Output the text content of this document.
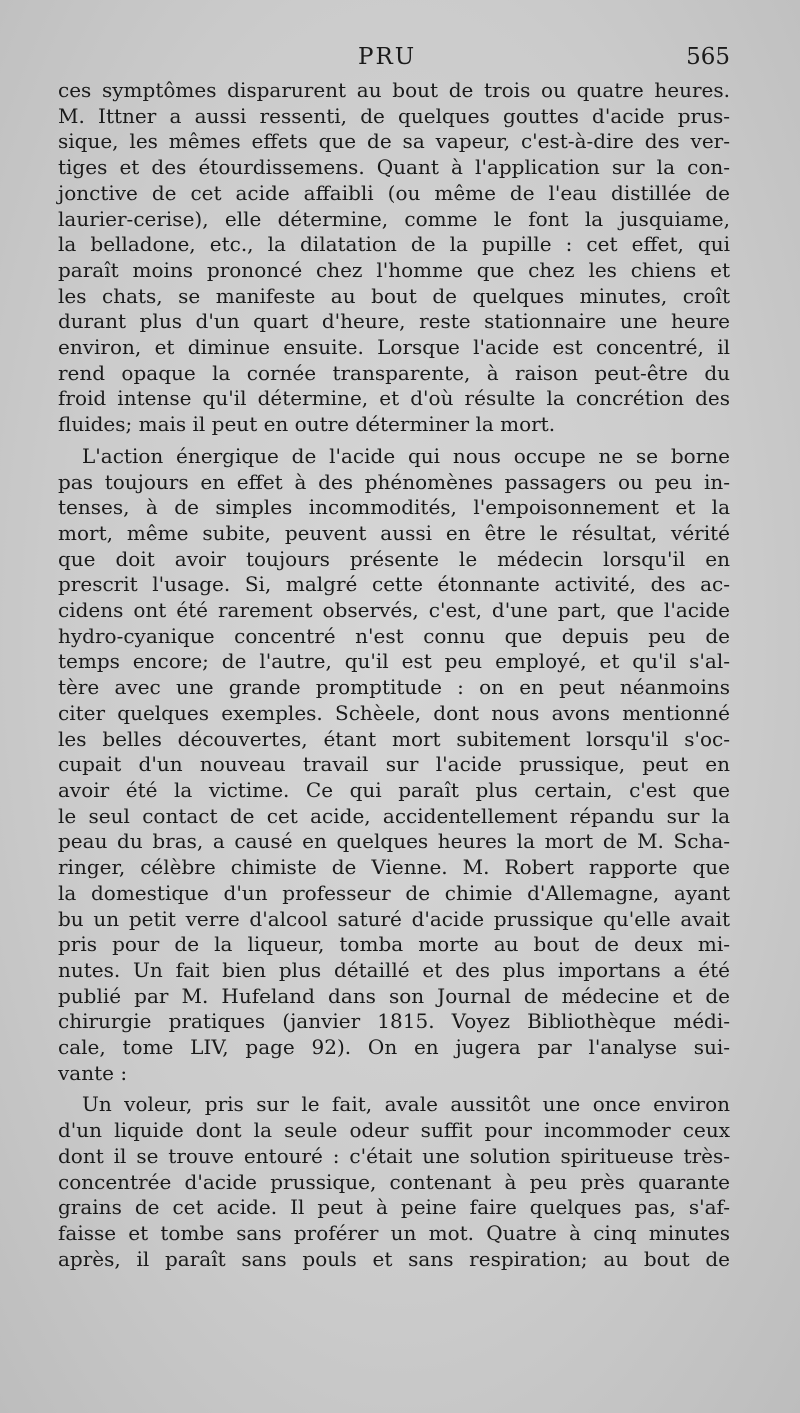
PRU	565
ces symptômes disparurent au bout de trois ou quatre heures.
M. Ittner a aussi ressenti, de quelques gouttes d'acide prus-
sique, les mêmes effets que de sa vapeur, c'est-à-dire des ver-
tiges et des étourdissemens. Quant à l'application sur la con-
jonctive de cet acide affaibli (ou même de l'eau distillée de
laurier-cerise), elle détermine, comme le font la jusquiame,
la belladone, etc., la dilatation de la pupille : cet effet, qui
paraît moins prononcé chez l'homme que chez les chiens et
les chats, se manifeste au bout de quelques minutes, croît
durant plus d'un quart d'heure, reste stationnaire une heure
environ, et diminue ensuite. Lorsque l'acide est concentré, il
rend opaque la cornée transparente, à raison peut-être du
froid intense qu'il détermine, et d'où résulte la concrétion des
fluides; mais il peut en outre déterminer la mort.
L'action énergique de l'acide qui nous occupe ne se borne
pas toujours en effet à des phénomènes passagers ou peu in-
tenses, à de simples incommodités, l'empoisonnement et la
mort, même subite, peuvent aussi en être le résultat, vérité
que doit avoir toujours présente le médecin lorsqu'il en
prescrit l'usage. Si, malgré cette étonnante activité, des ac-
cidens ont été rarement observés, c'est, d'une part, que l'acide
hydro-cyanique concentré n'est connu que depuis peu de
temps encore; de l'autre, qu'il est peu employé, et qu'il s'al-
tère avec une grande promptitude : on en peut néanmoins
citer quelques exemples. Schèele, dont nous avons mentionné
les belles découvertes, étant mort subitement lorsqu'il s'oc-
cupait d'un nouveau travail sur l'acide prussique, peut en
avoir été la victime. Ce qui paraît plus certain, c'est que
le seul contact de cet acide, accidentellement répandu sur la
peau du bras, a causé en quelques heures la mort de M. Scha-
ringer, célèbre chimiste de Vienne. M. Robert rapporte que
la domestique d'un professeur de chimie d'Allemagne, ayant
bu un petit verre d'alcool saturé d'acide prussique qu'elle avait
pris pour de la liqueur, tomba morte au bout de deux mi-
nutes. Un fait bien plus détaillé et des plus importans a été
publié par M. Hufeland dans son Journal de médecine et de
chirurgie pratiques (janvier 1815. Voyez Bibliothèque médi-
cale, tome LIV, page 92). On en jugera par l'analyse sui-
vante :
Un voleur, pris sur le fait, avale aussitôt une once environ
d'un liquide dont la seule odeur suffit pour incommoder ceux
dont il se trouve entouré : c'était une solution spiritueuse très-
concentrée d'acide prussique, contenant à peu près quarante
grains de cet acide. Il peut à peine faire quelques pas, s'af-
faisse et tombe sans proférer un mot. Quatre à cinq minutes
après, il paraît sans pouls et sans respiration; au bout de
